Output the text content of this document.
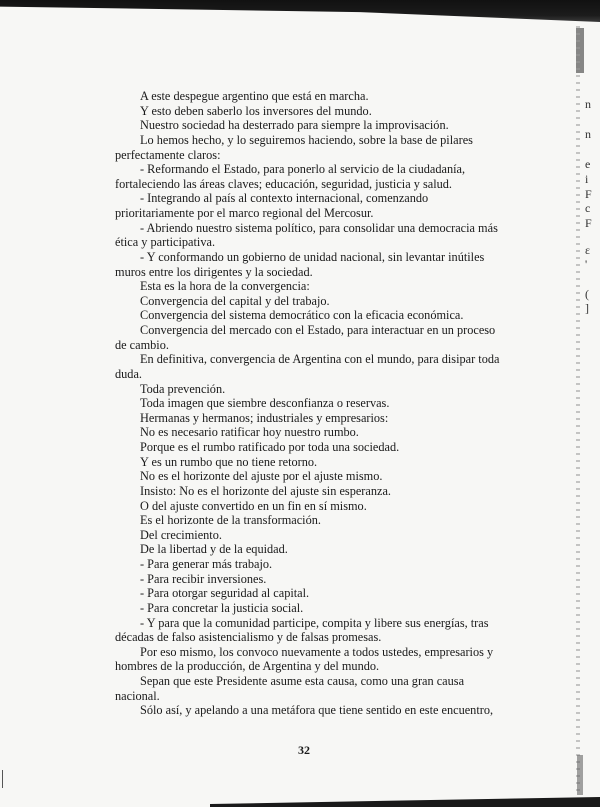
n
n
e
i
F
c
F
ε
'
(
]
A este despegue argentino que está en marcha.
Y esto deben saberlo los inversores del mundo.
Nuestro sociedad ha desterrado para siempre la improvisación.
Lo hemos hecho, y lo seguiremos haciendo, sobre la base de pilares
perfectamente claros:
- Reformando el Estado, para ponerlo al servicio de la ciudadanía,
fortaleciendo las áreas claves; educación, seguridad, justicia y salud.
- Integrando al país al contexto internacional, comenzando
prioritariamente por el marco regional del Mercosur.
- Abriendo nuestro sistema político, para consolidar una democracia más
ética y participativa.
- Y conformando un gobierno de unidad nacional, sin levantar inútiles
muros entre los dirigentes y la sociedad.
Esta es la hora de la convergencia:
Convergencia del capital y del trabajo.
Convergencia del sistema democrático con la eficacia económica.
Convergencia del mercado con el Estado, para interactuar en un proceso
de cambio.
En definitiva, convergencia de Argentina con el mundo, para disipar toda
duda.
Toda prevención.
Toda imagen que siembre desconfianza o reservas.
Hermanas y hermanos; industriales y empresarios:
No es necesario ratificar hoy nuestro rumbo.
Porque es el rumbo ratificado por toda una sociedad.
Y es un rumbo que no tiene retorno.
No es el horizonte del ajuste por el ajuste mismo.
Insisto: No es el horizonte del ajuste sin esperanza.
O del ajuste convertido en un fin en sí mismo.
Es el horizonte de la transformación.
Del crecimiento.
De la libertad y de la equidad.
- Para generar más trabajo.
- Para recibir inversiones.
- Para otorgar seguridad al capital.
- Para concretar la justicia social.
- Y para que la comunidad participe, compita y libere sus energías, tras
décadas de falso asistencialismo y de falsas promesas.
Por eso mismo, los convoco nuevamente a todos ustedes, empresarios y
hombres de la producción, de Argentina y del mundo.
Sepan que este Presidente asume esta causa, como una gran causa
nacional.
Sólo así, y apelando a una metáfora que tiene sentido en este encuentro,
32
